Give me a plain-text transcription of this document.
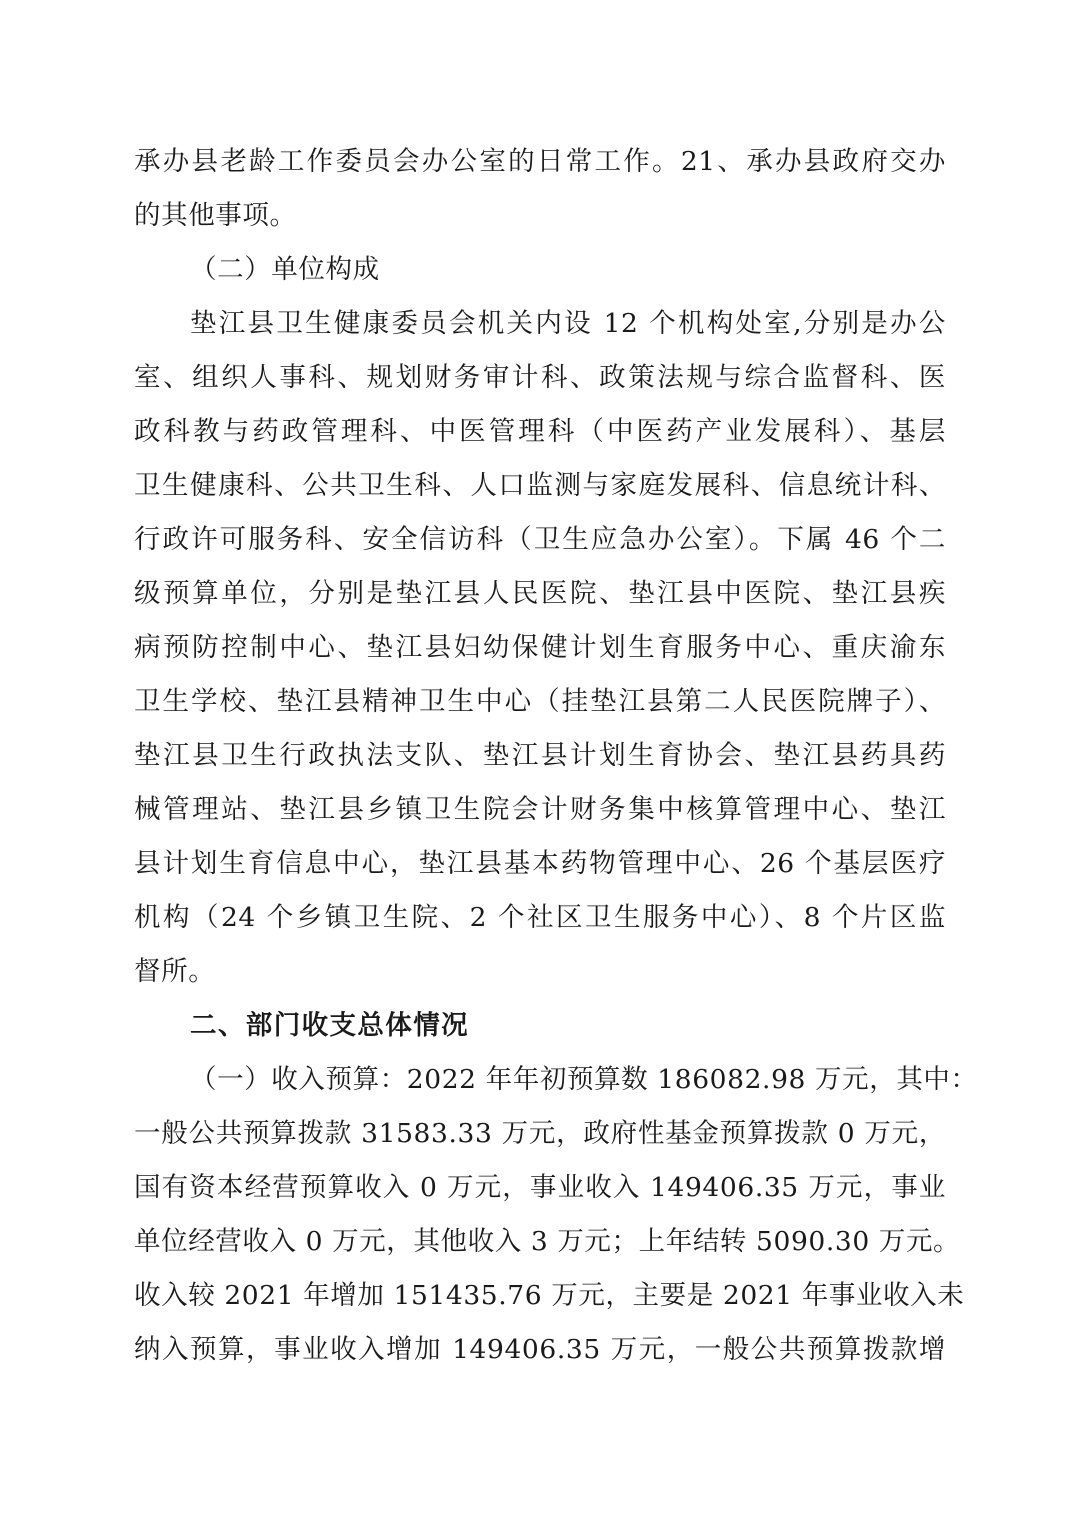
承办县老龄工作委员会办公室的日常工作。21、承办县政府交办
的其他事项。
（二）单位构成
垫江县卫生健康委员会机关内设 12 个机构处室,分别是办公
室、组织人事科、规划财务审计科、政策法规与综合监督科、医
政科教与药政管理科、中医管理科（中医药产业发展科）、基层
卫生健康科、公共卫生科、人口监测与家庭发展科、信息统计科、
行政许可服务科、安全信访科（卫生应急办公室）。下属 46 个二
级预算单位，分别是垫江县人民医院、垫江县中医院、垫江县疾
病预防控制中心、垫江县妇幼保健计划生育服务中心、重庆渝东
卫生学校、垫江县精神卫生中心（挂垫江县第二人民医院牌子）、
垫江县卫生行政执法支队、垫江县计划生育协会、垫江县药具药
械管理站、垫江县乡镇卫生院会计财务集中核算管理中心、垫江
县计划生育信息中心，垫江县基本药物管理中心、26 个基层医疗
机构（24 个乡镇卫生院、2 个社区卫生服务中心）、8 个片区监
督所。
二、部门收支总体情况
（一）收入预算：2022 年年初预算数 186082.98 万元，其中：
一般公共预算拨款 31583.33 万元，政府性基金预算拨款 0 万元，
国有资本经营预算收入 0 万元，事业收入 149406.35 万元，事业
单位经营收入 0 万元，其他收入 3 万元；上年结转 5090.30 万元。
收入较 2021 年增加 151435.76 万元，主要是 2021 年事业收入未
纳入预算，事业收入增加 149406.35 万元，一般公共预算拨款增
